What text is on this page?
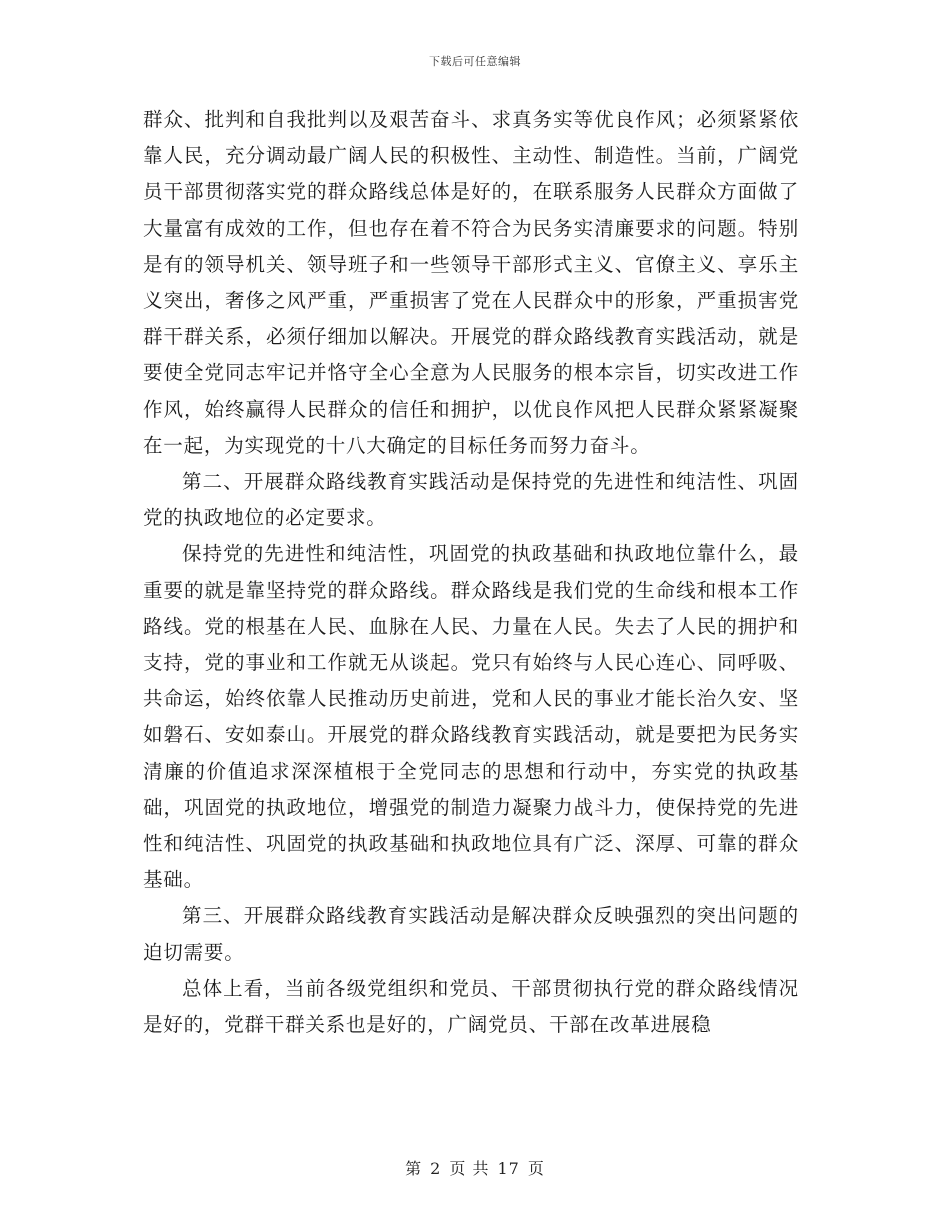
下载后可任意编辑

群众、批判和自我批判以及艰苦奋斗、求真务实等优良作风；必须紧紧依靠人民，充分调动最广阔人民的积极性、主动性、制造性。当前，广阔党员干部贯彻落实党的群众路线总体是好的，在联系服务人民群众方面做了大量富有成效的工作，但也存在着不符合为民务实清廉要求的问题。特别是有的领导机关、领导班子和一些领导干部形式主义、官僚主义、享乐主义突出，奢侈之风严重，严重损害了党在人民群众中的形象，严重损害党群干群关系，必须仔细加以解决。开展党的群众路线教育实践活动，就是要使全党同志牢记并恪守全心全意为人民服务的根本宗旨，切实改进工作作风，始终赢得人民群众的信任和拥护，以优良作风把人民群众紧紧凝聚在一起，为实现党的十八大确定的目标任务而努力奋斗。

第二、开展群众路线教育实践活动是保持党的先进性和纯洁性、巩固党的执政地位的必定要求。

保持党的先进性和纯洁性，巩固党的执政基础和执政地位靠什么，最重要的就是靠坚持党的群众路线。群众路线是我们党的生命线和根本工作路线。党的根基在人民、血脉在人民、力量在人民。失去了人民的拥护和支持，党的事业和工作就无从谈起。党只有始终与人民心连心、同呼吸、共命运，始终依靠人民推动历史前进，党和人民的事业才能长治久安、坚如磐石、安如泰山。开展党的群众路线教育实践活动，就是要把为民务实清廉的价值追求深深植根于全党同志的思想和行动中，夯实党的执政基础，巩固党的执政地位，增强党的制造力凝聚力战斗力，使保持党的先进性和纯洁性、巩固党的执政基础和执政地位具有广泛、深厚、可靠的群众基础。

第三、开展群众路线教育实践活动是解决群众反映强烈的突出问题的迫切需要。

总体上看，当前各级党组织和党员、干部贯彻执行党的群众路线情况是好的，党群干群关系也是好的，广阔党员、干部在改革进展稳

第 2 页 共 17 页
